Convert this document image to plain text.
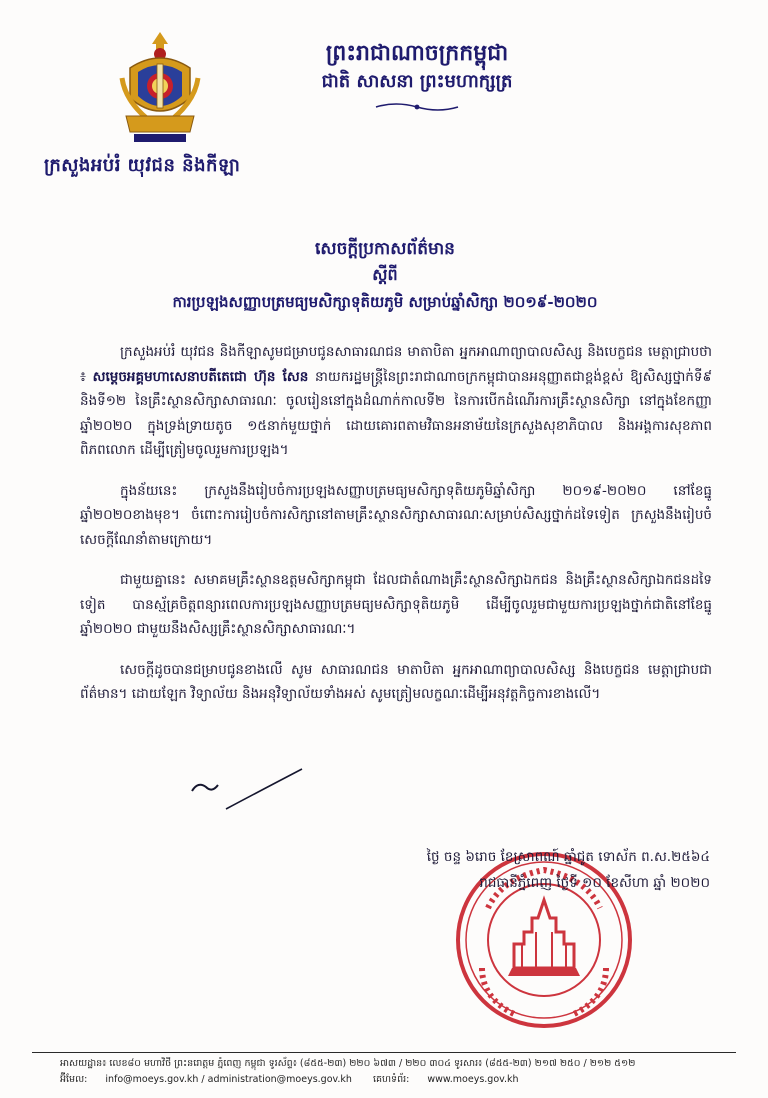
ក្រសួងអប់រំ យុវជន និងកីឡា
ព្រះរាជាណាចក្រកម្ពុជា
ជាតិ សាសនា ព្រះមហាក្សត្រ
សេចក្តីប្រកាសព័ត៌មាន
ស្តីពី
ការប្រឡងសញ្ញាបត្រមធ្យមសិក្សាទុតិយភូមិ សម្រាប់ឆ្នាំសិក្សា ២០១៩-២០២០

ក្រសួងអប់រំ យុវជន និងកីឡាសូមជម្រាបជូនសាធារណជន មាតាបិតា អ្នកអាណាព្យាបាលសិស្ស និងបេក្ខជន មេត្តាជ្រាបថា ៖ សម្តេចអគ្គមហាសេនាបតីតេជោ ហ៊ុន សែន នាយករដ្ឋមន្ត្រីនៃព្រះរាជាណាចក្រកម្ពុជាបានអនុញ្ញាតជាខ្ពង់ខ្ពស់ ឱ្យសិស្សថ្នាក់ទី៩ និងទី១២ នៃគ្រឹះស្ថានសិក្សាសាធារណៈ ចូលរៀននៅក្នុងដំណាក់កាលទី២ នៃការបើកដំណើរការគ្រឹះស្ថានសិក្សា នៅក្នុងខែកញ្ញា ឆ្នាំ២០២០ ក្នុងទ្រង់ទ្រាយតូច ១៥នាក់មួយថ្នាក់ ដោយគោរពតាមវិធានអនាម័យនៃក្រសួងសុខាភិបាល និងអង្គការសុខភាពពិភពលោក ដើម្បីត្រៀមចូលរួមការប្រឡង។

ក្នុងន័យនេះ ក្រសួងនឹងរៀបចំការប្រឡងសញ្ញាបត្រមធ្យមសិក្សាទុតិយភូមិឆ្នាំសិក្សា ២០១៩-២០២០ នៅខែធ្នូ ឆ្នាំ២០២០ខាងមុខ។ ចំពោះការរៀបចំការសិក្សានៅតាមគ្រឹះស្ថានសិក្សាសាធារណៈសម្រាប់សិស្សថ្នាក់ដទៃទៀត ក្រសួងនឹងរៀបចំសេចក្តីណែនាំតាមក្រោយ។

ជាមួយគ្នានេះ សមាគមគ្រឹះស្ថានឧត្តមសិក្សាកម្ពុជា ដែលជាតំណាងគ្រឹះស្ថានសិក្សាឯកជន និងគ្រឹះស្ថានសិក្សាឯកជនដទៃទៀត បានស្ម័គ្រចិត្តពន្យារពេលការប្រឡងសញ្ញាបត្រមធ្យមសិក្សាទុតិយភូមិ ដើម្បីចូលរួមជាមួយការប្រឡងថ្នាក់ជាតិនៅខែធ្នូ ឆ្នាំ២០២០ ជាមួយនឹងសិស្សគ្រឹះស្ថានសិក្សាសាធារណៈ។

សេចក្តីដូចបានជម្រាបជូនខាងលើ សូម សាធារណជន មាតាបិតា អ្នកអាណាព្យាបាលសិស្ស និងបេក្ខជន មេត្តាជ្រាបជាព័ត៌មាន។ ដោយឡែក វិទ្យាល័យ និងអនុវិទ្យាល័យទាំងអស់ សូមត្រៀមលក្ខណៈដើម្បីអនុវត្តកិច្ចការខាងលើ។

ថ្ងៃ ចន្ទ ៦រោច ខែស្រាពណ៍ ឆ្នាំជូត ទោស័ក ព.ស.២៥៦៤
រាជធានីភ្នំពេញ ថ្ងៃទី ១០ ខែសីហា ឆ្នាំ ២០២០
អាសយដ្ឋាន៖ លេខ៨០ មហាវិថី ព្រះនរោត្តម ភ្នំពេញ កម្ពុជា ទូរស័ព្ទ៖ (៨៥៥-២៣) ២២០ ៦៧៣ / ២២០ ៣០៤ ទូរសារ៖ (៨៥៥-២៣) ២១៧ ២៥០ / ២១២ ៥១២
អ៊ីមែល: info@moeys.gov.kh / administration@moeys.gov.kh គេហទំព័រ: www.moeys.gov.kh
